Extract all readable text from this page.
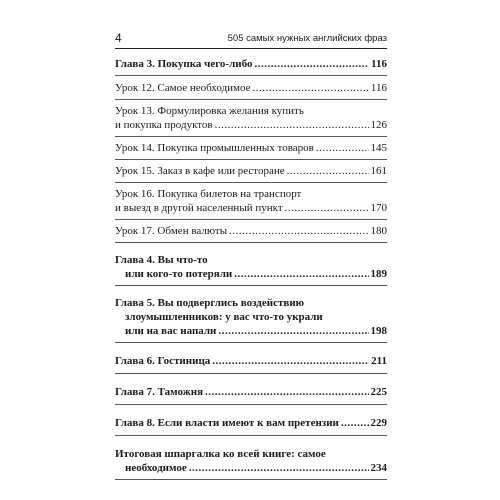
4	505 самых нужных английских фраз
Глава 3. Покупка чего-либо .....	116
Урок 12. Самое необходимое .....	116
Урок 13. Формулировка желания купить
и покупка продуктов .....	126
Урок 14. Покупка промышленных товаров .....	145
Урок 15. Заказ в кафе или ресторане .....	161
Урок 16. Покупка билетов на транспорт
и выезд в другой населенный пункт .....	170
Урок 17. Обмен валюты .....	180
Глава 4. Вы что-то
или кого-то потеряли .....	189
Глава 5. Вы подверглись воздействию
злоумышленников: у вас что-то украли
или на вас напали .....	198
Глава 6. Гостиница .....	211
Глава 7. Таможня .....	225
Глава 8. Если власти имеют к вам претензии .....	229
Итоговая шпаргалка ко всей книге: самое
необходимое .....	234
